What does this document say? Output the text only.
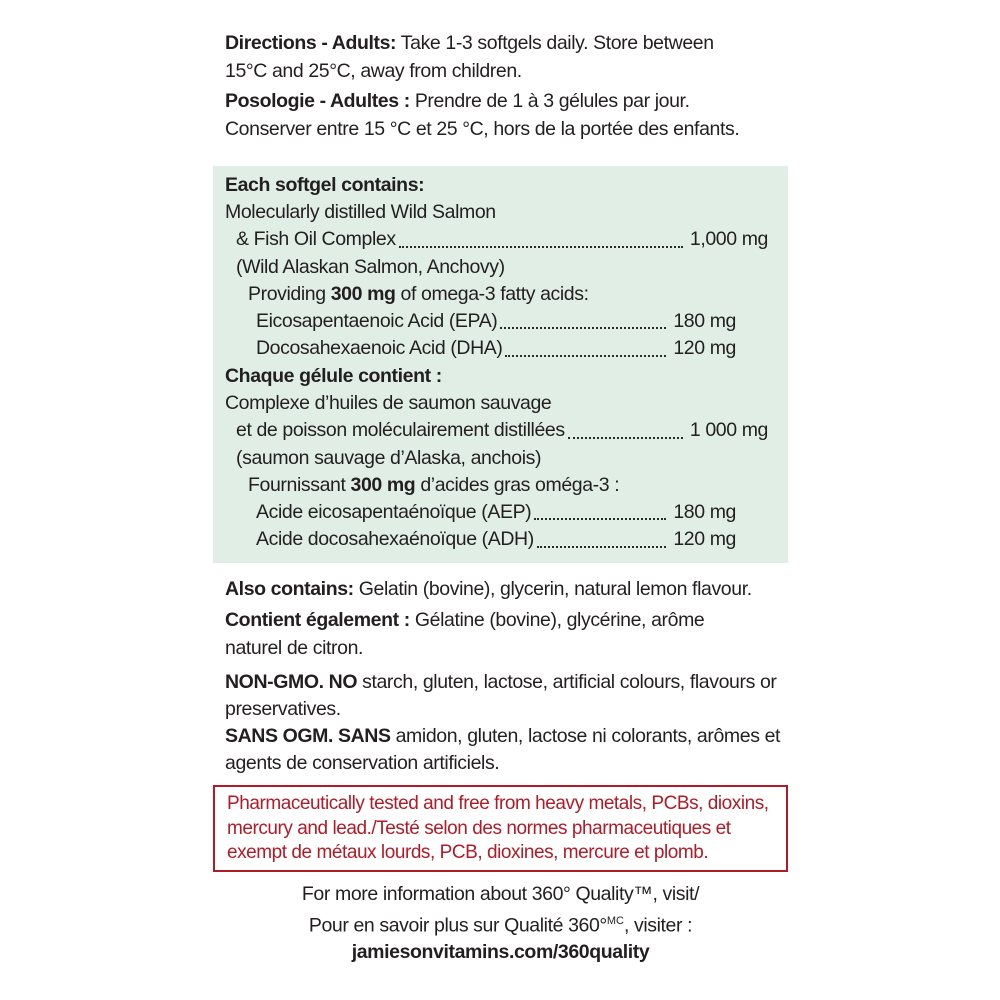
Directions - Adults: Take 1-3 softgels daily. Store between
15°C and 25°C, away from children.
Posologie - Adultes : Prendre de 1 à 3 gélules par jour.
Conserver entre 15 °C et 25 °C, hors de la portée des enfants.
Each softgel contains:
Molecularly distilled Wild Salmon
& Fish Oil Complex	1,000 mg
(Wild Alaskan Salmon, Anchovy)
Providing 300 mg of omega-3 fatty acids:
Eicosapentaenoic Acid (EPA)	180 mg
Docosahexaenoic Acid (DHA)	120 mg
Chaque gélule contient :
Complexe d’huiles de saumon sauvage
et de poisson moléculairement distillées	1 000 mg
(saumon sauvage d’Alaska, anchois)
Fournissant 300 mg d’acides gras oméga-3 :
Acide eicosapentaénoïque (AEP)	180 mg
Acide docosahexaénoïque (ADH)	120 mg
Also contains: Gelatin (bovine), glycerin, natural lemon flavour.
Contient également : Gélatine (bovine), glycérine, arôme
naturel de citron.
NON-GMO. NO starch, gluten, lactose, artificial colours, flavours or
preservatives.
SANS OGM. SANS amidon, gluten, lactose ni colorants, arômes et
agents de conservation artificiels.
Pharmaceutically tested and free from heavy metals, PCBs, dioxins,
mercury and lead./Testé selon des normes pharmaceutiques et
exempt de métaux lourds, PCB, dioxines, mercure et plomb.
For more information about 360° Quality™, visit/
Pour en savoir plus sur Qualité 360°$^{MC}$, visiter :
jamiesonvitamins.com/360quality
